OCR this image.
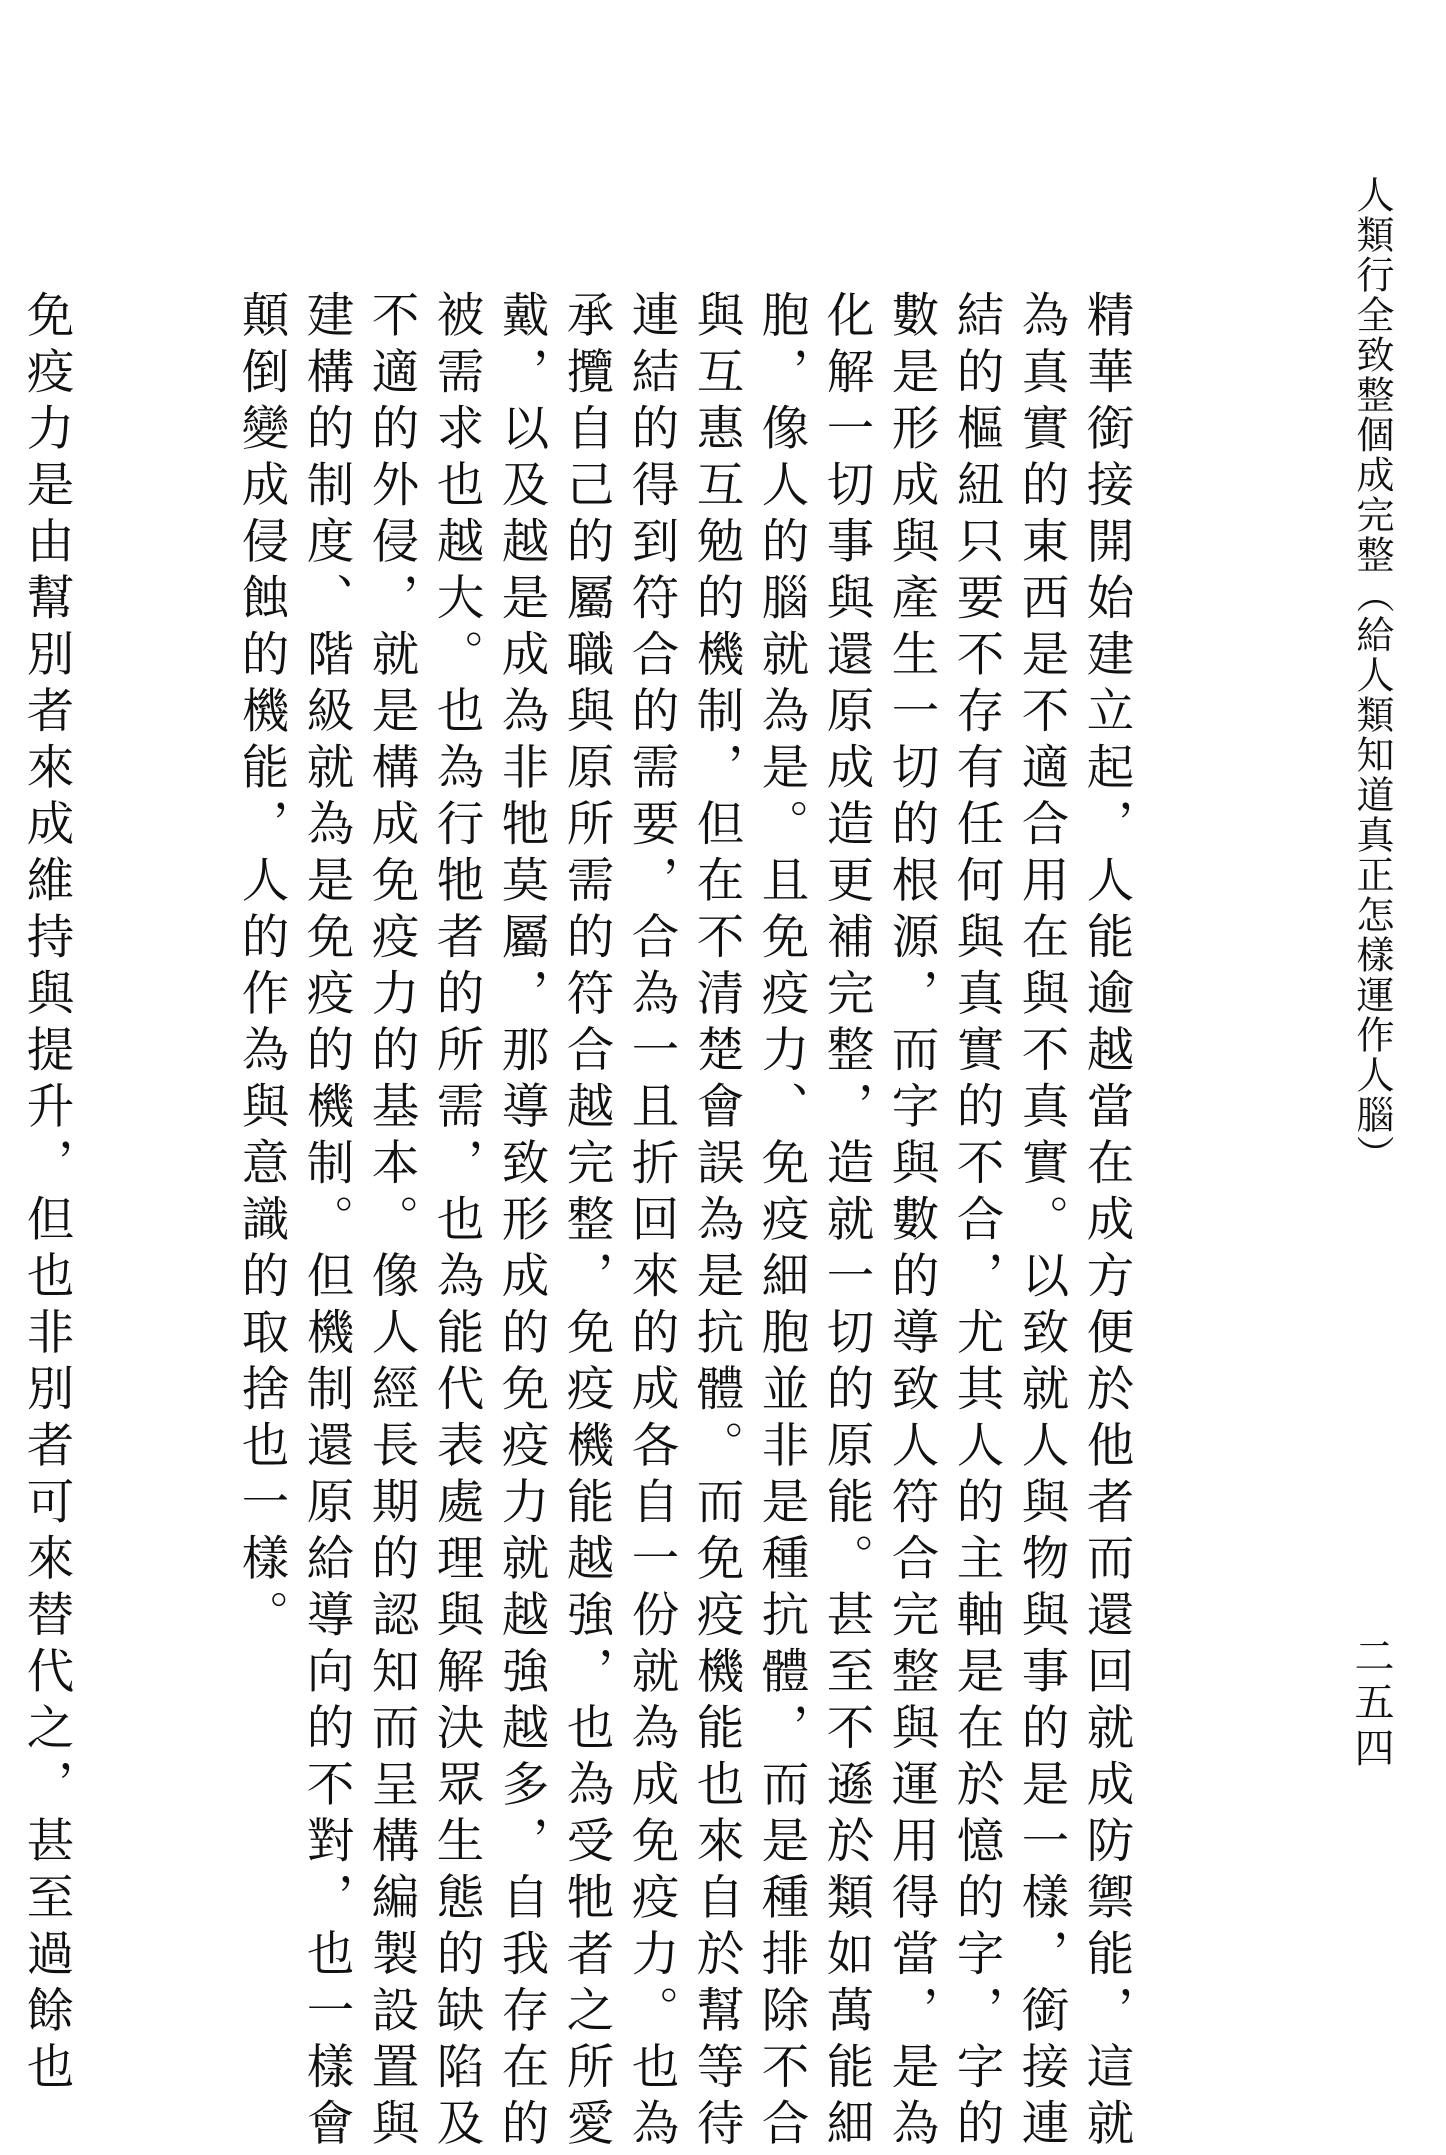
人類行全致整個成完整（給人類知道真正怎樣運作人腦）
二五四

精華銜接開始建立起，人能逾越當在成方便於他者而還回就成防禦能，這就
為真實的東西是不適合用在與不真實。以致就人與物與事的是一樣，銜接連
結的樞紐只要不存有任何與真實的不合，尤其人的主軸是在於憶的字，字的
數是形成與產生一切的根源，而字與數的導致人符合完整與運用得當，是為
化解一切事與還原成造更補完整，造就一切的原能。甚至不遜於類如萬能細
胞，像人的腦就為是。且免疫力、免疫細胞並非是種抗體，而是種排除不合
與互惠互勉的機制，但在不清楚會誤為是抗體。而免疫機能也來自於幫等待
連結的得到符合的需要，合為一且折回來的成各自一份就為成免疫力。也為
承攬自己的屬職與原所需的符合越完整，免疫機能越強，也為受牠者之所愛
戴，以及越是成為非牠莫屬，那導致形成的免疫力就越強越多，自我存在的
被需求也越大。也為行牠者的所需，也為能代表處理與解決眾生態的缺陷及
不適的外侵，就是構成免疫力的基本。像人經長期的認知而呈構編製設置與
建構的制度、階級就為是免疫的機制。但機制還原給導向的不對，也一樣會
顛倒變成侵蝕的機能，人的作為與意識的取捨也一樣。

免疫力是由幫別者來成維持與提升，但也非別者可來替代之，甚至過餘也
